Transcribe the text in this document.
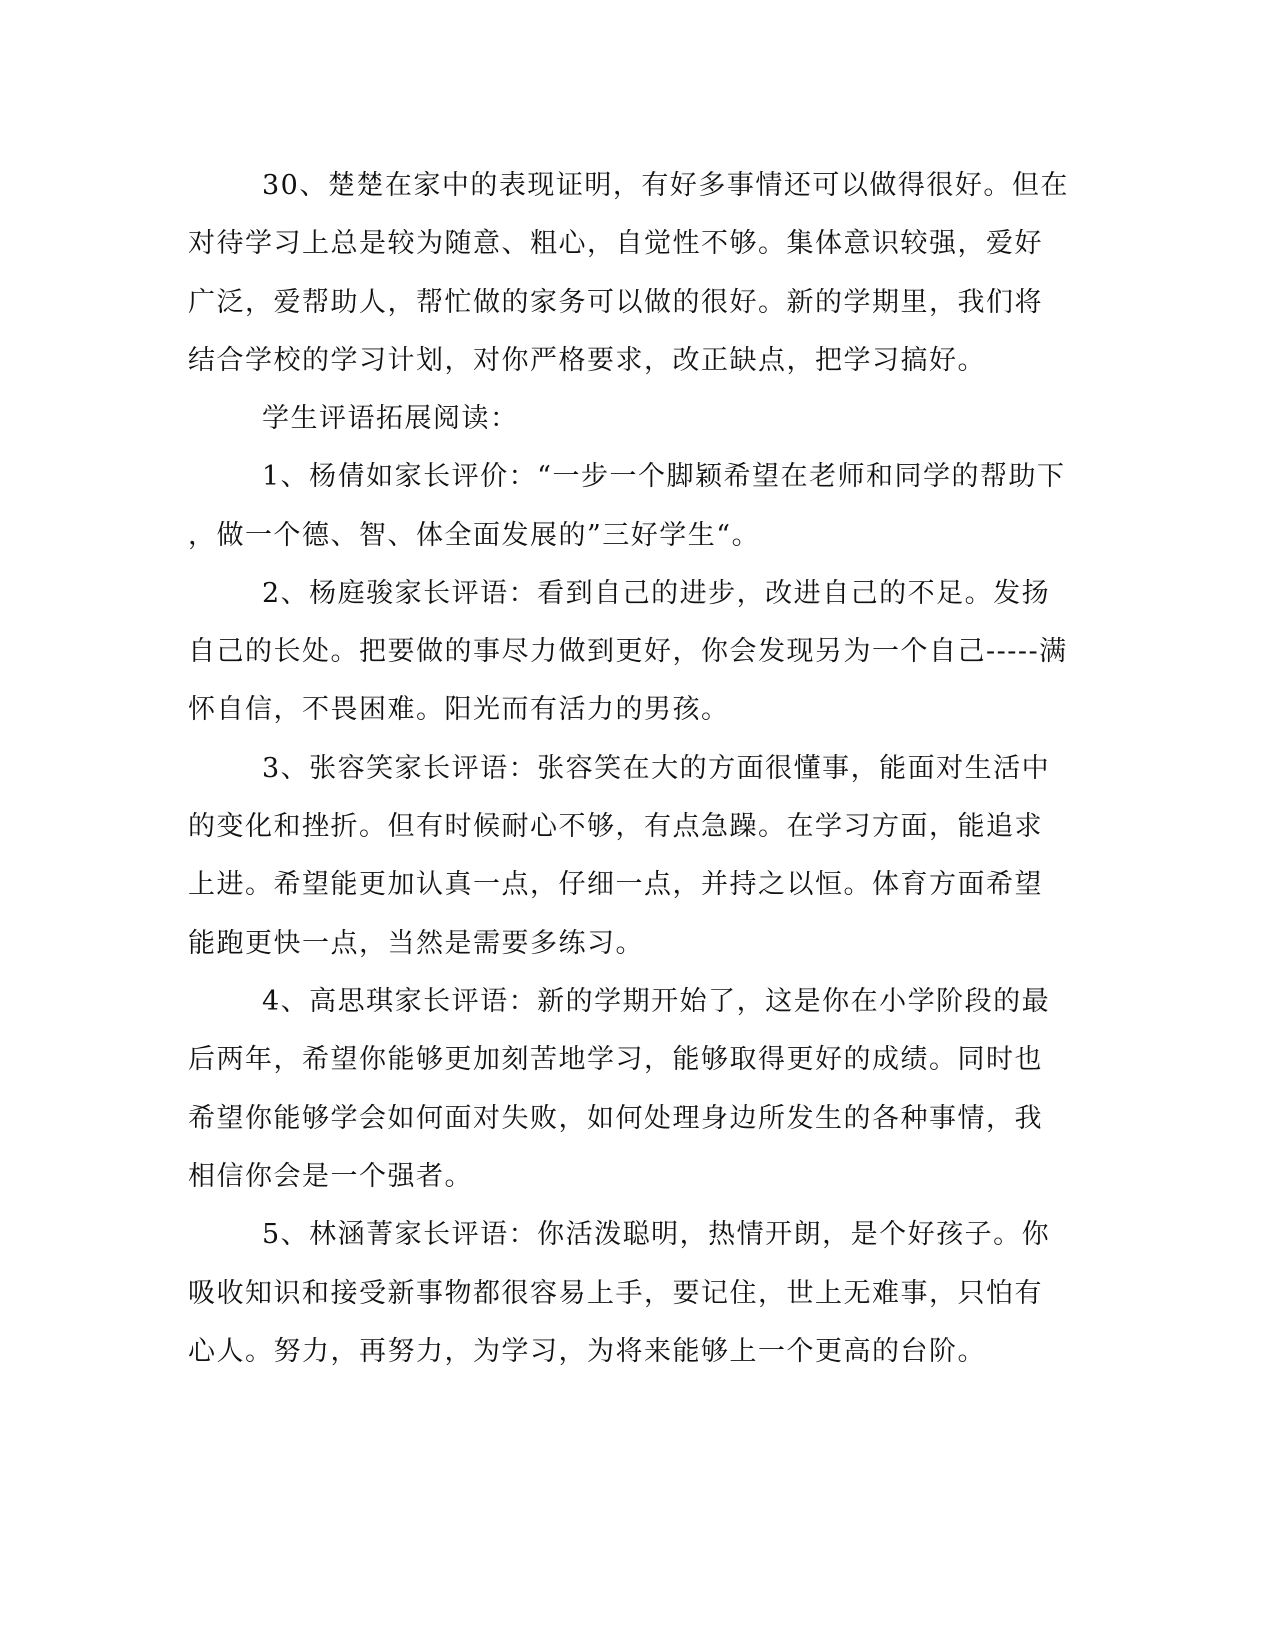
30、楚楚在家中的表现证明，有好多事情还可以做得很好。但在
对待学习上总是较为随意、粗心，自觉性不够。集体意识较强，爱好
广泛，爱帮助人，帮忙做的家务可以做的很好。新的学期里，我们将
结合学校的学习计划，对你严格要求，改正缺点，把学习搞好。
学生评语拓展阅读：
1、杨倩如家长评价：“一步一个脚颖希望在老师和同学的帮助下
，做一个德、智、体全面发展的”三好学生“。
2、杨庭骏家长评语：看到自己的进步，改进自己的不足。发扬
自己的长处。把要做的事尽力做到更好，你会发现另为一个自己-----满
怀自信，不畏困难。阳光而有活力的男孩。
3、张容笑家长评语：张容笑在大的方面很懂事，能面对生活中
的变化和挫折。但有时候耐心不够，有点急躁。在学习方面，能追求
上进。希望能更加认真一点，仔细一点，并持之以恒。体育方面希望
能跑更快一点，当然是需要多练习。
4、高思琪家长评语：新的学期开始了，这是你在小学阶段的最
后两年，希望你能够更加刻苦地学习，能够取得更好的成绩。同时也
希望你能够学会如何面对失败，如何处理身边所发生的各种事情，我
相信你会是一个强者。
5、林涵菁家长评语：你活泼聪明，热情开朗，是个好孩子。你
吸收知识和接受新事物都很容易上手，要记住，世上无难事，只怕有
心人。努力，再努力，为学习，为将来能够上一个更高的台阶。
